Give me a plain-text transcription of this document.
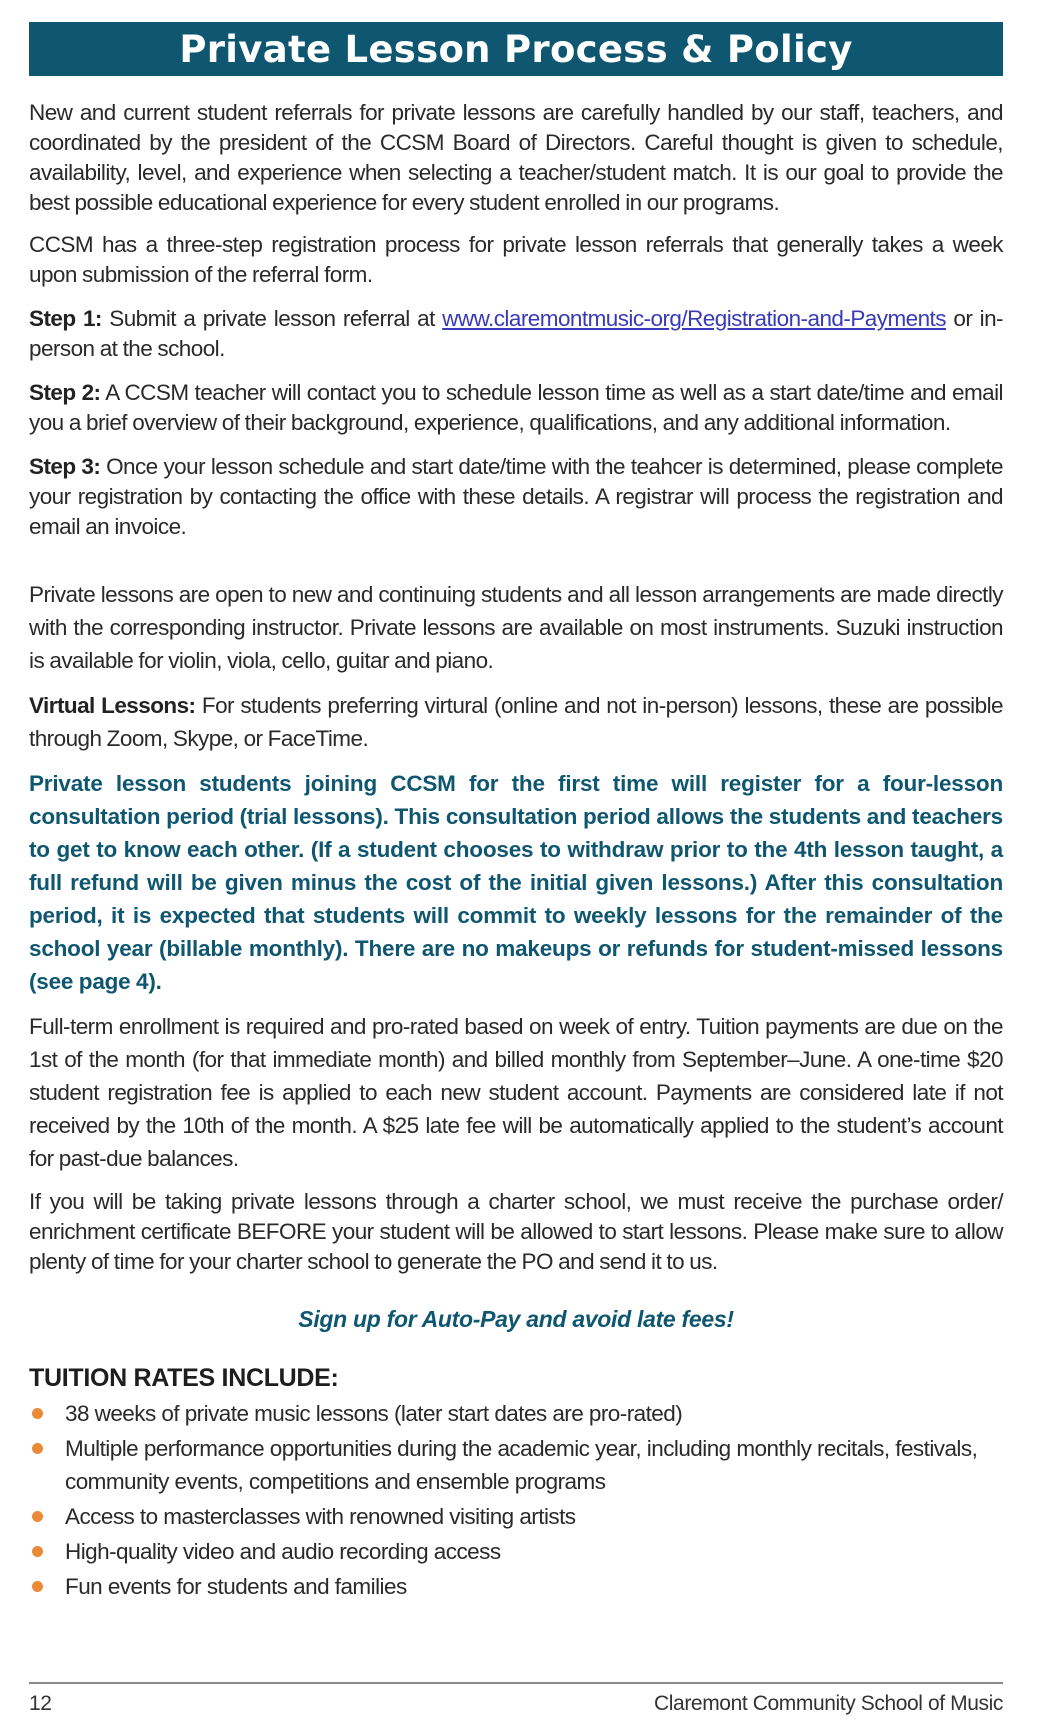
Private Lesson Process & Policy

New and current student referrals for private lessons are carefully handled by our staff, teachers, and coordinated by the president of the CCSM Board of Directors. Careful thought is given to schedule, availability, level, and experience when selecting a teacher/student match. It is our goal to provide the best possible educational experience for every student enrolled in our programs.

CCSM has a three-step registration process for private lesson referrals that generally takes a week upon submission of the referral form.

Step 1: Submit a private lesson referral at www.claremontmusic-org/Registration-and-Payments or in-person at the school.

Step 2: A CCSM teacher will contact you to schedule lesson time as well as a start date/time and email you a brief overview of their background, experience, qualifications, and any additional information.

Step 3: Once your lesson schedule and start date/time with the teahcer is determined, please complete your registration by contacting the office with these details. A registrar will process the registration and email an invoice.

Private lessons are open to new and continuing students and all lesson arrangements are made directly with the corresponding instructor. Private lessons are available on most instruments. Suzuki instruction is available for violin, viola, cello, guitar and piano.

Virtual Lessons: For students preferring virtural (online and not in-person) lessons, these are possible through Zoom, Skype, or FaceTime.

Private lesson students joining CCSM for the first time will register for a four-lesson consultation period (trial lessons). This consultation period allows the students and teachers to get to know each other. (If a student chooses to withdraw prior to the 4th lesson taught, a full refund will be given minus the cost of the initial given lessons.) After this consultation period, it is expected that students will commit to weekly lessons for the remainder of the school year (billable monthly). There are no makeups or refunds for student-missed lessons (see page 4).

Full-term enrollment is required and pro-rated based on week of entry. Tuition payments are due on the 1st of the month (for that immediate month) and billed monthly from September–June. A one-time $20 student registration fee is applied to each new student account. Payments are considered late if not received by the 10th of the month. A $25 late fee will be automatically applied to the student’s account for past-due balances.

If you will be taking private lessons through a charter school, we must receive the purchase order/ enrichment certificate BEFORE your student will be allowed to start lessons. Please make sure to allow plenty of time for your charter school to generate the PO and send it to us.

Sign up for Auto-Pay and avoid late fees!
TUITION RATES INCLUDE:
38 weeks of private music lessons (later start dates are pro-rated)
Multiple performance opportunities during the academic year, including monthly recitals, festivals, community events, competitions and ensemble programs
Access to masterclasses with renowned visiting artists
High-quality video and audio recording access
Fun events for students and families
12	Claremont Community School of Music
